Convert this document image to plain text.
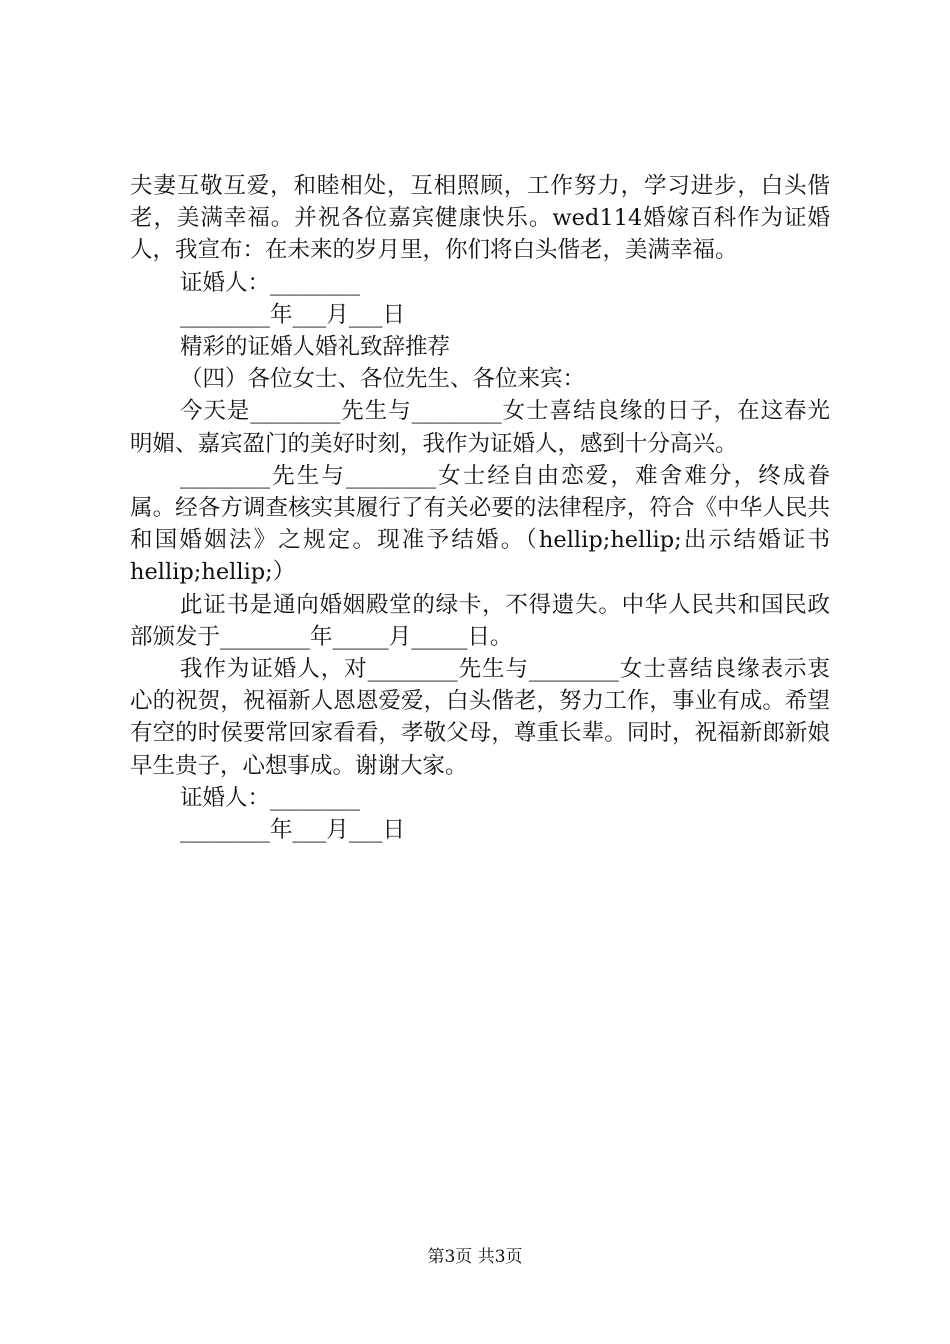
夫妻互敬互爱，和睦相处，互相照顾，工作努力，学习进步，白头偕老，美满幸福。并祝各位嘉宾健康快乐。wed114婚嫁百科作为证婚人，我宣布：在未来的岁月里，你们将白头偕老，美满幸福。

证婚人：________

________年___月___日

精彩的证婚人婚礼致辞推荐

（四）各位女士、各位先生、各位来宾：

今天是________先生与________女士喜结良缘的日子，在这春光明媚、嘉宾盈门的美好时刻，我作为证婚人，感到十分高兴。

________先生与________女士经自由恋爱，难舍难分，终成眷属。经各方调查核实其履行了有关必要的法律程序，符合《中华人民共和国婚姻法》之规定。现准予结婚。（hellip;hellip;出示结婚证书hellip;hellip;）

此证书是通向婚姻殿堂的绿卡，不得遗失。中华人民共和国民政部颁发于________年_____月_____日。

我作为证婚人，对________先生与________女士喜结良缘表示衷心的祝贺，祝福新人恩恩爱爱，白头偕老，努力工作，事业有成。希望有空的时侯要常回家看看，孝敬父母，尊重长辈。同时，祝福新郎新娘早生贵子，心想事成。谢谢大家。

证婚人：________

________年___月___日

第3页 共3页
